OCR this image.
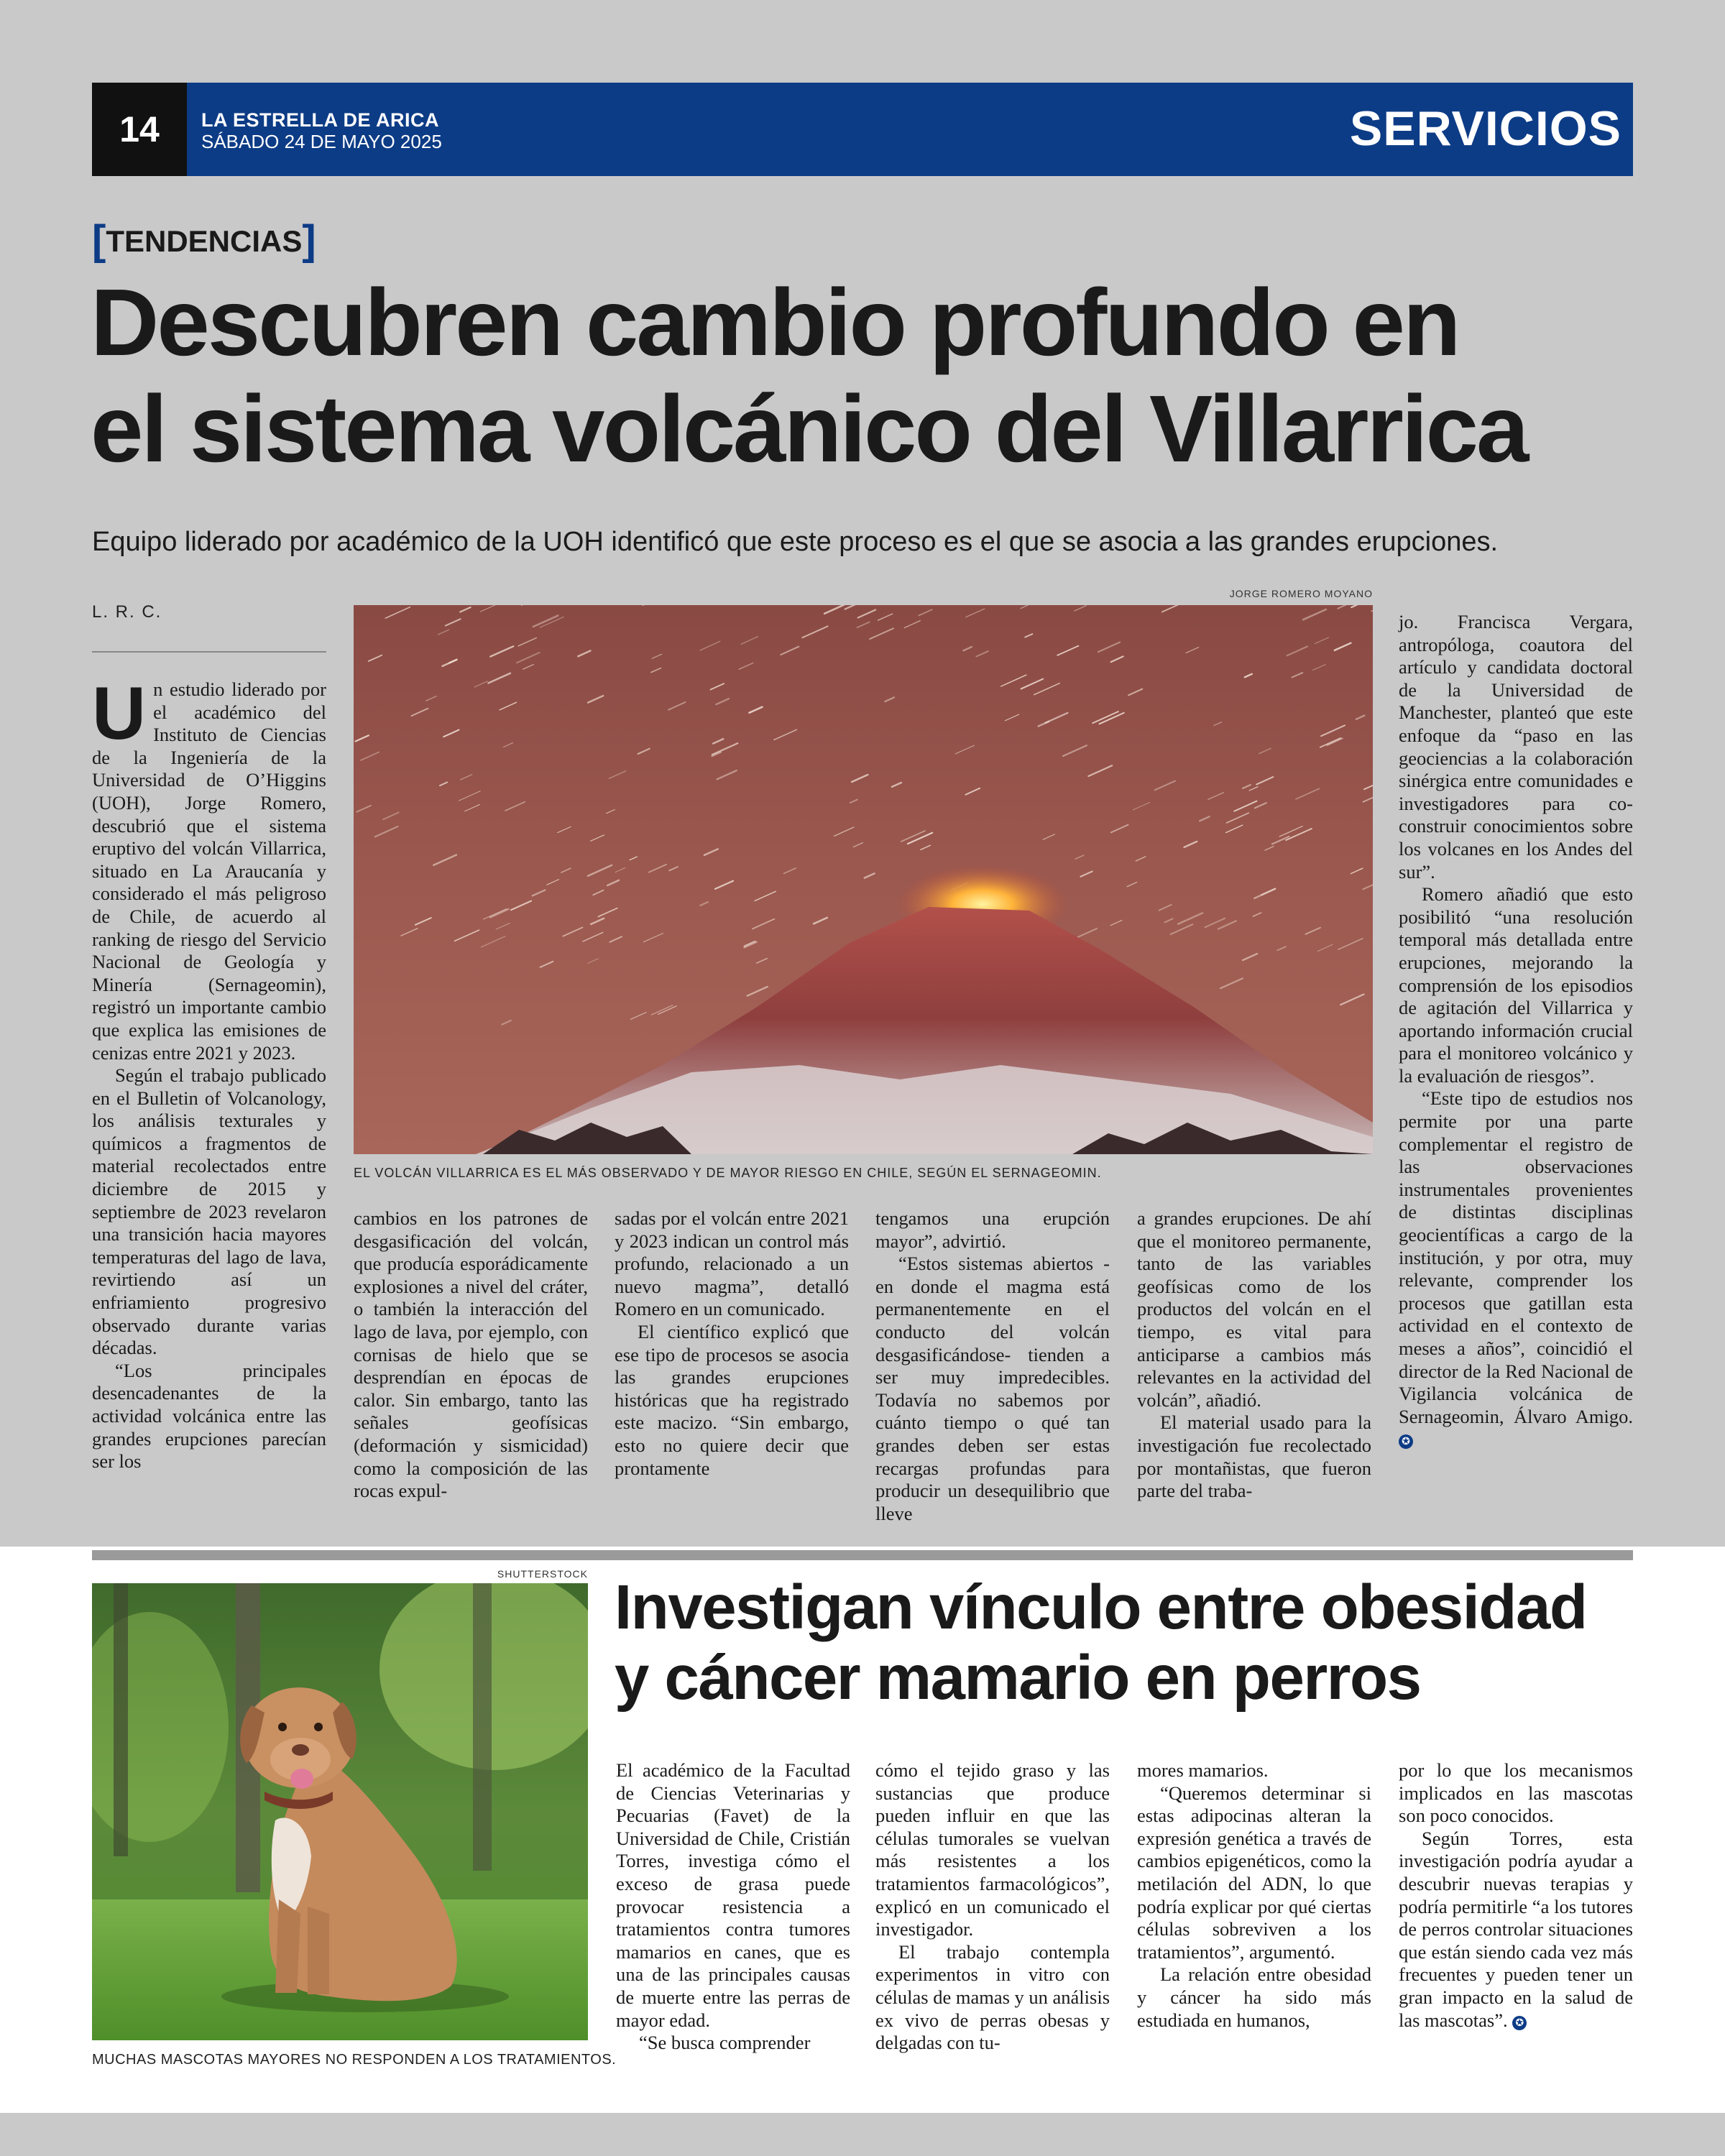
14	LA ESTRELLA DE ARICA
SÁBADO 24 DE MAYO 2025	SERVICIOS
[TENDENCIAS]
Descubren cambio profundo en
el sistema volcánico del Villarrica

Equipo liderado por académico de la UOH identificó que este proceso es el que se asocia a las grandes erupciones.

L. R. C.
JORGE ROMERO MOYANO
EL VOLCÁN VILLARRICA ES EL MÁS OBSERVADO Y DE MAYOR RIESGO EN CHILE, SEGÚN EL SERNAGEOMIN.

Un estudio liderado por el académico del Instituto de Ciencias de la Ingeniería de la Universidad de O’Higgins (UOH), Jorge Romero, descubrió que el sistema eruptivo del volcán Villarrica, situado en La Araucanía y considerado el más peligroso de Chile, de acuerdo al ranking de riesgo del Servicio Nacional de Geología y Minería (Sernageomin), registró un importante cambio que explica las emisiones de cenizas entre 2021 y 2023.

Según el trabajo publicado en el Bulletin of Volcanology, los análisis texturales y químicos a fragmentos de material recolectados entre diciembre de 2015 y septiembre de 2023 revelaron una transición hacia mayores temperaturas del lago de lava, revirtiendo así un enfriamiento progresivo observado durante varias décadas.

“Los principales desencadenantes de la actividad volcánica entre las grandes erupciones parecían ser los

cambios en los patrones de desgasificación del volcán, que producía esporádicamente explosiones a nivel del cráter, o también la interacción del lago de lava, por ejemplo, con cornisas de hielo que se desprendían en épocas de calor. Sin embargo, tanto las señales geofísicas (deformación y sismicidad) como la composición de las rocas expul-

sadas por el volcán entre 2021 y 2023 indican un control más profundo, relacionado a un nuevo magma”, detalló Romero en un comunicado.

El científico explicó que ese tipo de procesos se asocia las grandes erupciones históricas que ha registrado este macizo. “Sin embargo, esto no quiere decir que prontamente

tengamos una erupción mayor”, advirtió.

“Estos sistemas abiertos -en donde el magma está permanentemente en el conducto del volcán desgasificándose- tienden a ser muy impredecibles. Todavía no sabemos por cuánto tiempo o qué tan grandes deben ser estas recargas profundas para producir un desequilibrio que lleve

a grandes erupciones. De ahí que el monitoreo permanente, tanto de las variables geofísicas como de los productos del volcán en el tiempo, es vital para anticiparse a cambios más relevantes en la actividad del volcán”, añadió.

El material usado para la investigación fue recolectado por montañistas, que fueron parte del traba-

jo. Francisca Vergara, antropóloga, coautora del artículo y candidata doctoral de la Universidad de Manchester, planteó que este enfoque da “paso en las geociencias a la colaboración sinérgica entre comunidades e investigadores para co-construir conocimientos sobre los volcanes en los Andes del sur”.

Romero añadió que esto posibilitó “una resolución temporal más detallada entre erupciones, mejorando la comprensión de los episodios de agitación del Villarrica y aportando información crucial para el monitoreo volcánico y la evaluación de riesgos”.

“Este tipo de estudios nos permite por una parte complementar el registro de las observaciones instrumentales provenientes de distintas disciplinas geocientíficas a cargo de la institución, y por otra, muy relevante, comprender los procesos que gatillan esta actividad en el contexto de meses a años”, coincidió el director de la Red Nacional de Vigilancia volcánica de Sernageomin, Álvaro Amigo. ✪

SHUTTERSTOCK
MUCHAS MASCOTAS MAYORES NO RESPONDEN A LOS TRATAMIENTOS.
Investigan vínculo entre obesidad
y cáncer mamario en perros

El académico de la Facultad de Ciencias Veterinarias y Pecuarias (Favet) de la Universidad de Chile, Cristián Torres, investiga cómo el exceso de grasa puede provocar resistencia a tratamientos contra tumores mamarios en canes, que es una de las principales causas de muerte entre las perras de mayor edad.

“Se busca comprender

cómo el tejido graso y las sustancias que produce pueden influir en que las células tumorales se vuelvan más resistentes a los tratamientos farmacológicos”, explicó en un comunicado el investigador.

El trabajo contempla experimentos in vitro con células de mamas y un análisis ex vivo de perras obesas y delgadas con tu-

mores mamarios.

“Queremos determinar si estas adipocinas alteran la expresión genética a través de cambios epigenéticos, como la metilación del ADN, lo que podría explicar por qué ciertas células sobreviven a los tratamientos”, argumentó.

La relación entre obesidad y cáncer ha sido más estudiada en humanos,

por lo que los mecanismos implicados en las mascotas son poco conocidos.

Según Torres, esta investigación podría ayudar a descubrir nuevas terapias y podría permitirle “a los tutores de perros controlar situaciones que están siendo cada vez más frecuentes y pueden tener un gran impacto en la salud de las mascotas”. ✪
